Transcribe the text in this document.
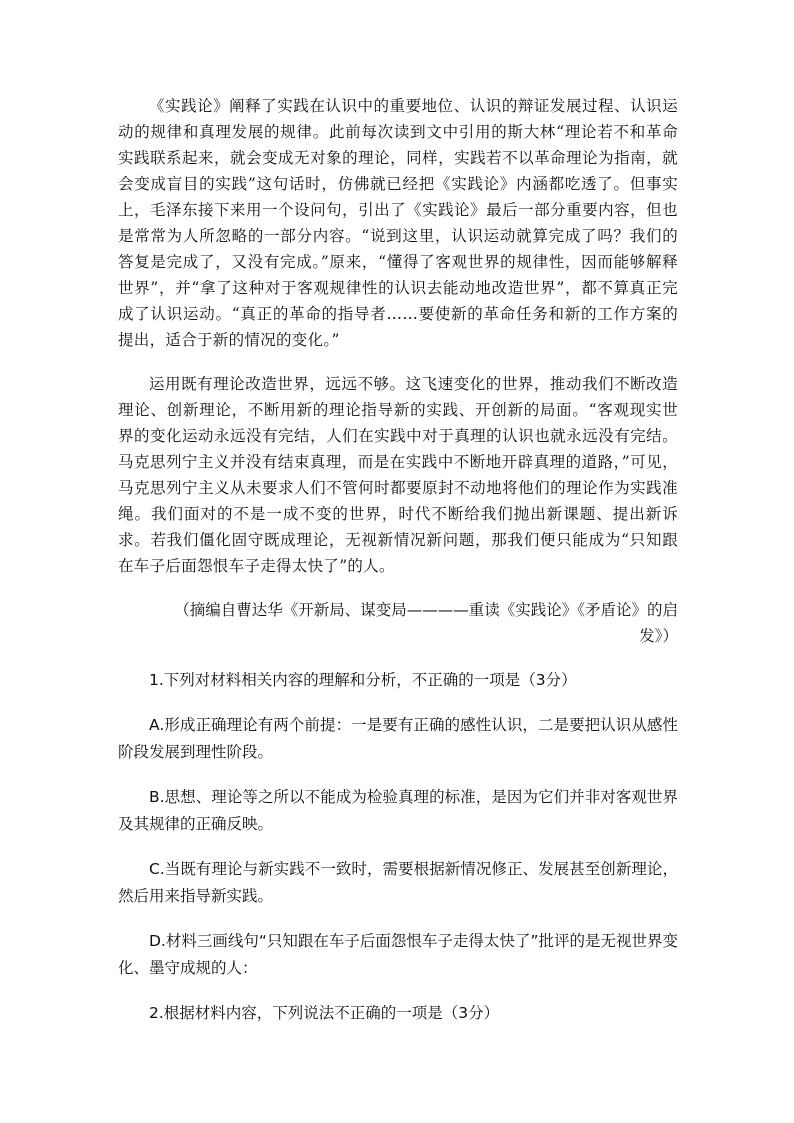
《实践论》阐释了实践在认识中的重要地位、认识的辩证发展过程、认识运动的规律和真理发展的规律。此前每次读到文中引用的斯大林“理论若不和革命实践联系起来，就会变成无对象的理论，同样，实践若不以革命理论为指南，就会变成盲目的实践”这句话时，仿佛就已经把《实践论》内涵都吃透了。但事实上，毛泽东接下来用一个设问句，引出了《实践论》最后一部分重要内容，但也是常常为人所忽略的一部分内容。“说到这里，认识运动就算完成了吗？我们的答复是完成了，又没有完成。”原来，“懂得了客观世界的规律性，因而能够解释世界”，并“拿了这种对于客观规律性的认识去能动地改造世界”，都不算真正完成了认识运动。“真正的革命的指导者……要使新的革命任务和新的工作方案的提出，适合于新的情况的变化。”

运用既有理论改造世界，远远不够。这飞速变化的世界，推动我们不断改造理论、创新理论，不断用新的理论指导新的实践、开创新的局面。“客观现实世界的变化运动永远没有完结，人们在实践中对于真理的认识也就永远没有完结。马克思列宁主义并没有结束真理，而是在实践中不断地开辟真理的道路，”可见，马克思列宁主义从未要求人们不管何时都要原封不动地将他们的理论作为实践准绳。我们面对的不是一成不变的世界，时代不断给我们抛出新课题、提出新诉求。若我们僵化固守既成理论，无视新情况新问题，那我们便只能成为“只知跟在车子后面怨恨车子走得太快了”的人。

（摘编自曹达华《开新局、谋变局————重读《实践论》《矛盾论》的启发》）

1.下列对材料相关内容的理解和分析，不正确的一项是（3分）

A.形成正确理论有两个前提：一是要有正确的感性认识，二是要把认识从感性阶段发展到理性阶段。

B.思想、理论等之所以不能成为检验真理的标准，是因为它们并非对客观世界及其规律的正确反映。

C.当既有理论与新实践不一致时，需要根据新情况修正、发展甚至创新理论，然后用来指导新实践。

D.材料三画线句“只知跟在车子后面怨恨车子走得太快了”批评的是无视世界变化、墨守成规的人：

2.根据材料内容，下列说法不正确的一项是（3分）
